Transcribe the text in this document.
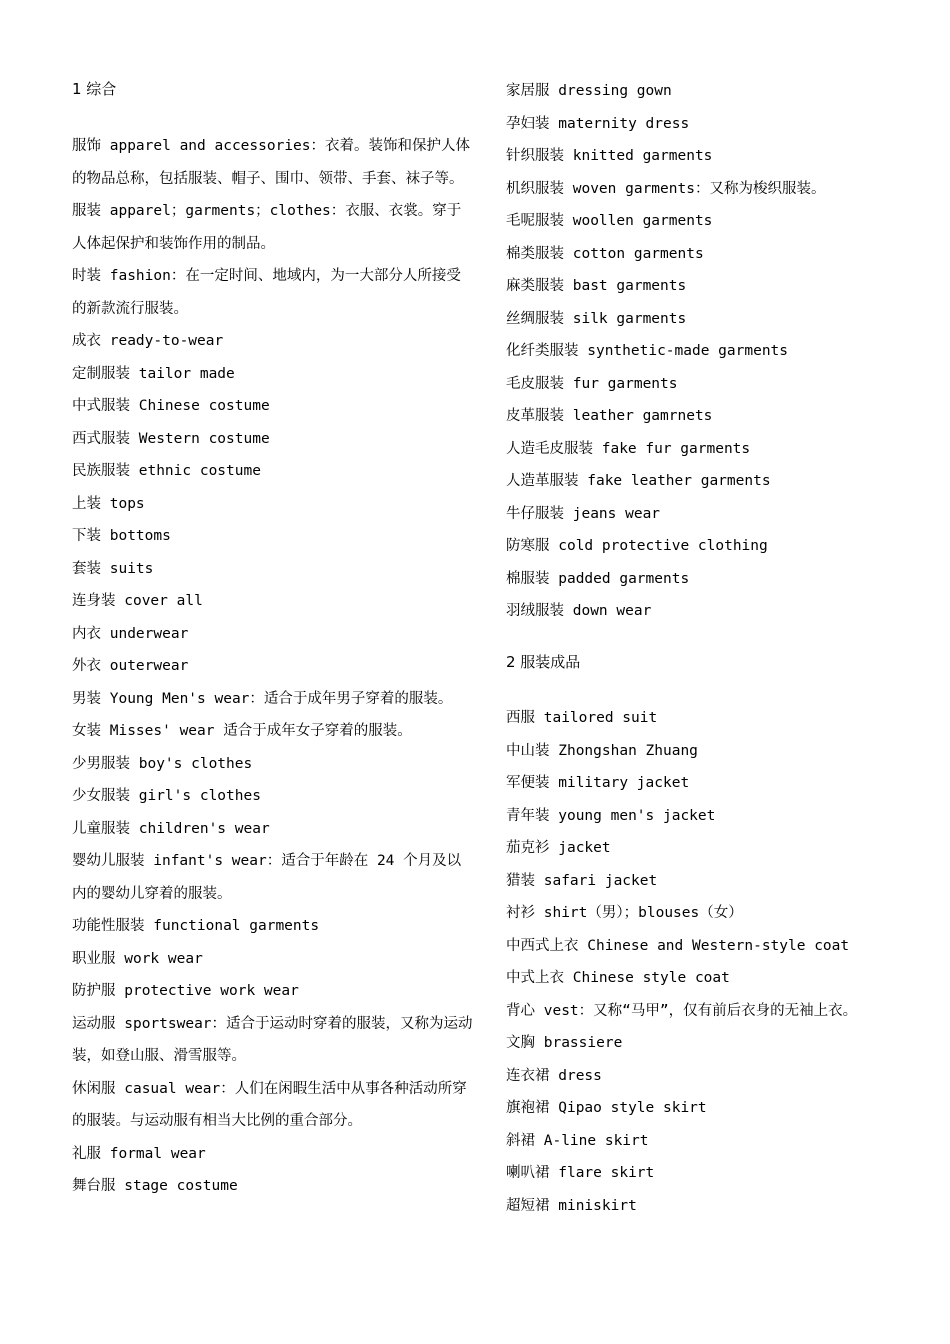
1 综合
服饰 apparel and accessories：衣着。装饰和保护人体的物品总称，包括服装、帽子、围巾、领带、手套、袜子等。
服装 apparel；garments；clothes：衣服、衣裳。穿于人体起保护和装饰作用的制品。
时装 fashion：在一定时间、地域内，为一大部分人所接受的新款流行服装。
成衣 ready-to-wear
定制服装 tailor made
中式服装 Chinese costume
西式服装 Western costume
民族服装 ethnic costume
上装 tops
下装 bottoms
套装 suits
连身装 cover all
内衣 underwear
外衣 outerwear
男装 Young Men's wear：适合于成年男子穿着的服装。
女装 Misses' wear 适合于成年女子穿着的服装。
少男服装 boy's clothes
少女服装 girl's clothes
儿童服装 children's wear
婴幼儿服装 infant's wear：适合于年龄在 24 个月及以内的婴幼儿穿着的服装。
功能性服装 functional garments
职业服 work wear
防护服 protective work wear
运动服 sportswear：适合于运动时穿着的服装，又称为运动装，如登山服、滑雪服等。
休闲服 casual wear：人们在闲暇生活中从事各种活动所穿的服装。与运动服有相当大比例的重合部分。
礼服 formal wear
舞台服 stage costume
家居服 dressing gown
孕妇装 maternity dress
针织服装 knitted garments
机织服装 woven garments：又称为梭织服装。
毛呢服装 woollen garments
棉类服装 cotton garments
麻类服装 bast garments
丝绸服装 silk garments
化纤类服装 synthetic-made garments
毛皮服装 fur garments
皮革服装 leather gamrnets
人造毛皮服装 fake fur garments
人造革服装 fake leather garments
牛仔服装 jeans wear
防寒服 cold protective clothing
棉服装 padded garments
羽绒服装 down wear
2 服装成品
西服 tailored suit
中山装 Zhongshan Zhuang
军便装 military jacket
青年装 young men's jacket
茄克衫 jacket
猎装 safari jacket
衬衫 shirt（男）；blouses（女）
中西式上衣 Chinese and Western-style coat
中式上衣 Chinese style coat
背心 vest：又称“马甲”，仅有前后衣身的无袖上衣。
文胸 brassiere
连衣裙 dress
旗袍裙 Qipao style skirt
斜裙 A-line skirt
喇叭裙 flare skirt
超短裙 miniskirt
